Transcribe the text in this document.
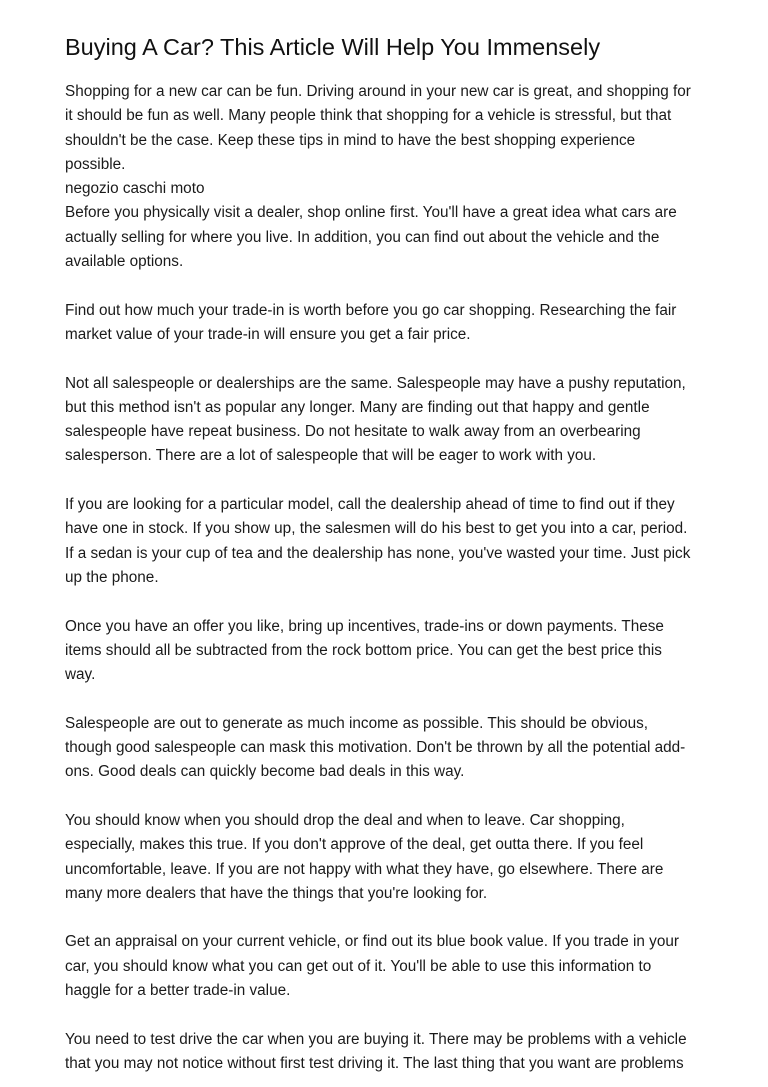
Buying A Car? This Article Will Help You Immensely

Shopping for a new car can be fun. Driving around in your new car is great, and shopping for
it should be fun as well. Many people think that shopping for a vehicle is stressful, but that
shouldn't be the case. Keep these tips in mind to have the best shopping experience
possible.

negozio caschi moto

Before you physically visit a dealer, shop online first. You'll have a great idea what cars are
actually selling for where you live. In addition, you can find out about the vehicle and the
available options.

Find out how much your trade-in is worth before you go car shopping. Researching the fair
market value of your trade-in will ensure you get a fair price.

Not all salespeople or dealerships are the same. Salespeople may have a pushy reputation,
but this method isn't as popular any longer. Many are finding out that happy and gentle
salespeople have repeat business. Do not hesitate to walk away from an overbearing
salesperson. There are a lot of salespeople that will be eager to work with you.

If you are looking for a particular model, call the dealership ahead of time to find out if they
have one in stock. If you show up, the salesmen will do his best to get you into a car, period.
If a sedan is your cup of tea and the dealership has none, you've wasted your time. Just pick
up the phone.

Once you have an offer you like, bring up incentives, trade-ins or down payments. These
items should all be subtracted from the rock bottom price. You can get the best price this
way.

Salespeople are out to generate as much income as possible. This should be obvious,
though good salespeople can mask this motivation. Don't be thrown by all the potential add-
ons. Good deals can quickly become bad deals in this way.

You should know when you should drop the deal and when to leave. Car shopping,
especially, makes this true. If you don't approve of the deal, get outta there. If you feel
uncomfortable, leave. If you are not happy with what they have, go elsewhere. There are
many more dealers that have the things that you're looking for.

Get an appraisal on your current vehicle, or find out its blue book value. If you trade in your
car, you should know what you can get out of it. You'll be able to use this information to
haggle for a better trade-in value.

You need to test drive the car when you are buying it. There may be problems with a vehicle
that you may not notice without first test driving it. The last thing that you want are problems
